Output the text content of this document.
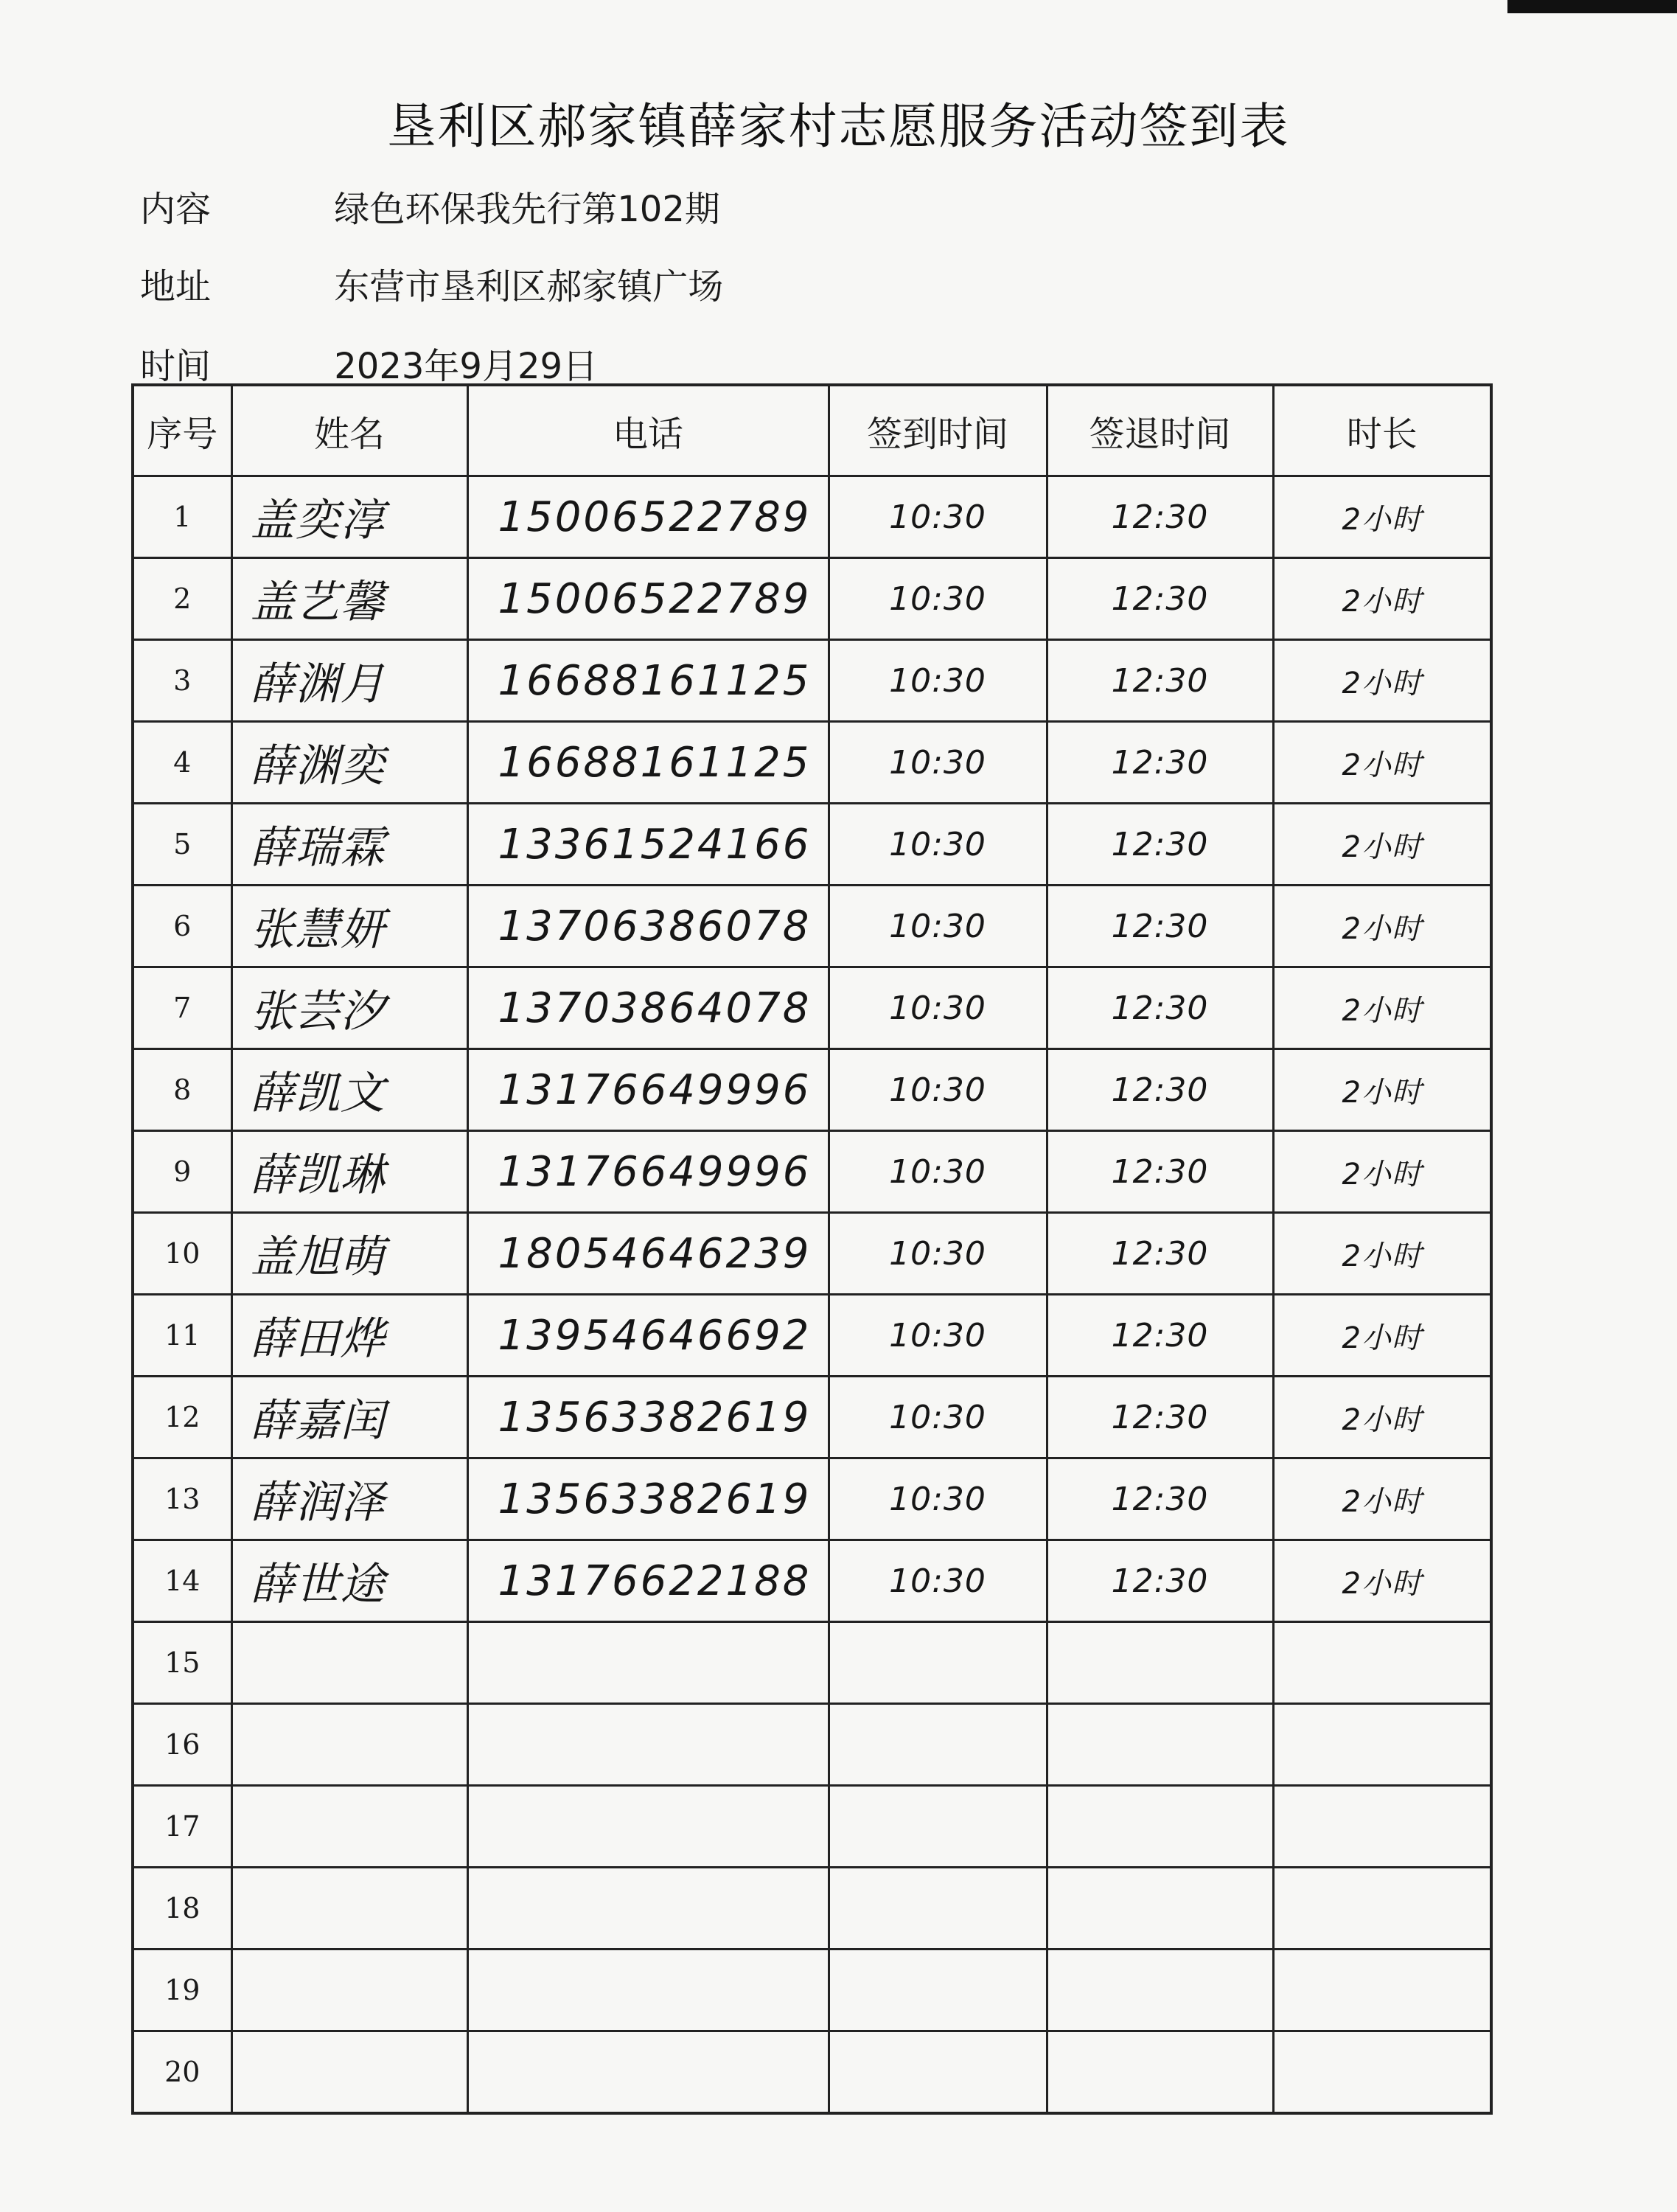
垦利区郝家镇薛家村志愿服务活动签到表
内容	绿色环保我先行第102期
地址	东营市垦利区郝家镇广场
时间	2023年9月29日
序号	姓名	电话	签到时间	签退时间	时长
1	盖奕淳	15006522789	10:30	12:30	2小时
2	盖艺馨	15006522789	10:30	12:30	2小时
3	薛渊月	16688161125	10:30	12:30	2小时
4	薛渊奕	16688161125	10:30	12:30	2小时
5	薛瑞霖	13361524166	10:30	12:30	2小时
6	张慧妍	13706386078	10:30	12:30	2小时
7	张芸汐	13703864078	10:30	12:30	2小时
8	薛凯文	13176649996	10:30	12:30	2小时
9	薛凯琳	13176649996	10:30	12:30	2小时
10	盖旭萌	18054646239	10:30	12:30	2小时
11	薛田烨	13954646692	10:30	12:30	2小时
12	薛嘉闰	13563382619	10:30	12:30	2小时
13	薛润泽	13563382619	10:30	12:30	2小时
14	薛世途	13176622188	10:30	12:30	2小时
15					
16					
17					
18					
19					
20					
